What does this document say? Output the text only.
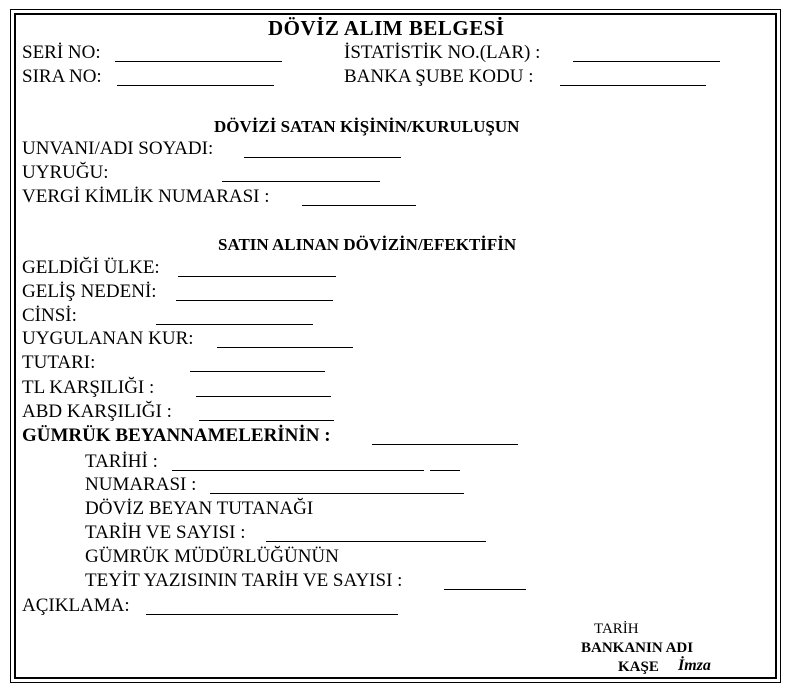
DÖVİZ ALIM BELGESİ
SERİ NO:	İSTATİSTİK NO.(LAR) :
SIRA NO:	BANKA ŞUBE KODU :
DÖVİZİ SATAN KİŞİNİN/KURULUŞUN
UNVANI/ADI SOYADI:
UYRUĞU:
VERGİ KİMLİK NUMARASI :
SATIN ALINAN DÖVİZİN/EFEKTİFİN
GELDİĞİ ÜLKE:
GELİŞ NEDENİ:
CİNSİ:
UYGULANAN KUR:
TUTARI:
TL KARŞILIĞI :
ABD KARŞILIĞI :
GÜMRÜK BEYANNAMELERİNİN :
TARİHİ :
NUMARASI :
DÖVİZ BEYAN TUTANAĞI
TARİH VE SAYISI :
GÜMRÜK MÜDÜRLÜĞÜNÜN
TEYİT YAZISININ TARİH VE SAYISI :
AÇIKLAMA:
TARİH
BANKANIN ADI
KAŞE İmza
